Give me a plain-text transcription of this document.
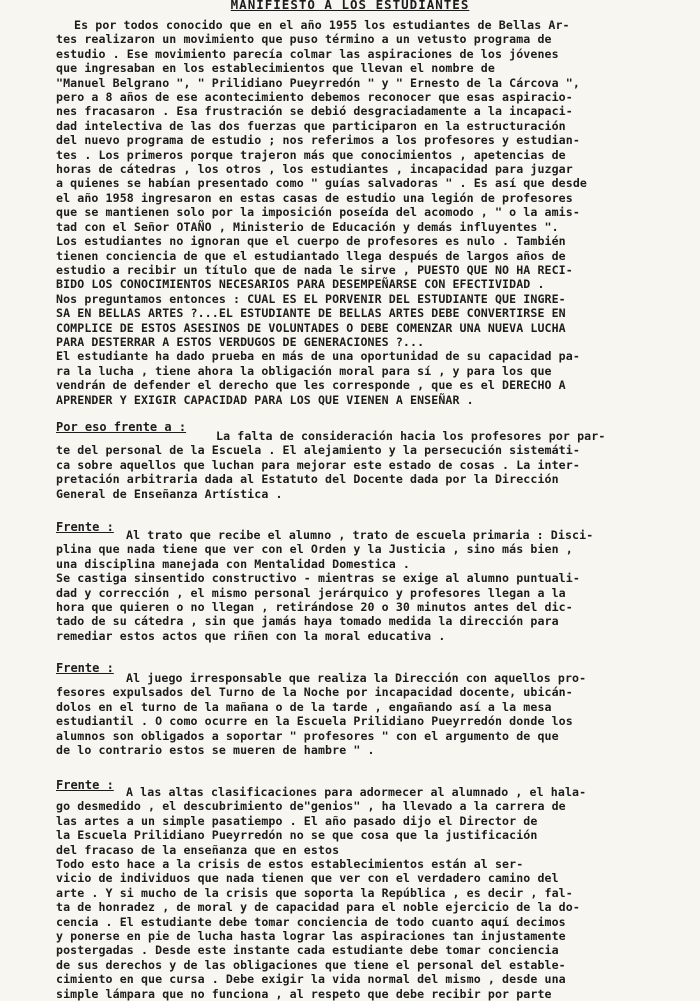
MANIFIESTO A LOS ESTUDIANTES
Es por todos conocido que en el año 1955 los estudiantes de Bellas Ar-
tes realizaron un movimiento que puso término a un vetusto programa de
estudio . Ese movimiento parecía colmar las aspiraciones de los jóvenes
que ingresaban en los establecimientos que llevan el nombre de
"Manuel Belgrano ", " Prilidiano Pueyrredón " y " Ernesto de la Cárcova ",
pero a 8 años de ese acontecimiento debemos reconocer que esas aspiracio-
nes fracasaron . Esa frustración se debió desgraciadamente a la incapaci-
dad intelectiva de las dos fuerzas que participaron en la estructuración
del nuevo programa de estudio ; nos referimos a los profesores y estudian-
tes . Los primeros porque trajeron más que conocimientos , apetencias de
horas de cátedras , los otros , los estudiantes , incapacidad para juzgar
a quienes se habían presentado como " guías salvadoras " . Es así que desde
el año 1958 ingresaron en estas casas de estudio una legión de profesores
que se mantienen solo por la imposición poseída del acomodo , " o la amis-
tad con el Señor OTAÑO , Ministerio de Educación y demás influyentes ".
Los estudiantes no ignoran que el cuerpo de profesores es nulo . También
tienen conciencia de que el estudiantado llega después de largos años de
estudio a recibir un título que de nada le sirve , PUESTO QUE NO HA RECI-
BIDO LOS CONOCIMIENTOS NECESARIOS PARA DESEMPEÑARSE CON EFECTIVIDAD .
Nos preguntamos entonces : CUAL ES EL PORVENIR DEL ESTUDIANTE QUE INGRE-
SA EN BELLAS ARTES ?...EL ESTUDIANTE DE BELLAS ARTES DEBE CONVERTIRSE EN
COMPLICE DE ESTOS ASESINOS DE VOLUNTADES O DEBE COMENZAR UNA NUEVA LUCHA
PARA DESTERRAR A ESTOS VERDUGOS DE GENERACIONES ?...
El estudiante ha dado prueba en más de una oportunidad de su capacidad pa-
ra la lucha , tiene ahora la obligación moral para sí , y para los que
vendrán de defender el derecho que les corresponde , que es el DERECHO A
APRENDER Y EXIGIR CAPACIDAD PARA LOS QUE VIENEN A ENSEÑAR .
Por eso frente a :
La falta de consideración hacia los profesores por par-
te del personal de la Escuela . El alejamiento y la persecución sistemáti-
ca sobre aquellos que luchan para mejorar este estado de cosas . La inter-
pretación arbitraria dada al Estatuto del Docente dada por la Dirección
General de Enseñanza Artística .
Frente :
Al trato que recibe el alumno , trato de escuela primaria : Disci-
plina que nada tiene que ver con el Orden y la Justicia , sino más bien ,
una disciplina manejada con Mentalidad Domestica .
Se castiga sinsentido constructivo - mientras se exige al alumno puntuali-
dad y corrección , el mismo personal jerárquico y profesores llegan a la
hora que quieren o no llegan , retirándose 20 o 30 minutos antes del dic-
tado de su cátedra , sin que jamás haya tomado medida la dirección para
remediar estos actos que riñen con la moral educativa .
Frente :
Al juego irresponsable que realiza la Dirección con aquellos pro-
fesores expulsados del Turno de la Noche por incapacidad docente, ubicán-
dolos en el turno de la mañana o de la tarde , engañando así a la mesa
estudiantil . O como ocurre en la Escuela Prilidiano Pueyrredón donde los
alumnos son obligados a soportar " profesores " con el argumento de que
de lo contrario estos se mueren de hambre " .
Frente :	A las altas clasificaciones para adormecer al alumnado , el hala-
go desmedido , el descubrimiento de"genios" , ha llevado a la carrera de
las artes a un simple pasatiempo . El año pasado dijo el Director de
la Escuela Prilidiano Pueyrredón no se que cosa que la justificación
del fracaso de la enseñanza que en estos
Todo esto hace a la crisis de estos establecimientos están al ser-
vicio de individuos que nada tienen que ver con el verdadero camino del
arte . Y si mucho de la crisis que soporta la República , es decir , fal-
ta de honradez , de moral y de capacidad para el noble ejercicio de la do-
cencia . El estudiante debe tomar conciencia de todo cuanto aquí decimos
y ponerse en pie de lucha hasta lograr las aspiraciones tan injustamente
postergadas . Desde este instante cada estudiante debe tomar conciencia
de sus derechos y de las obligaciones que tiene el personal del estable-
cimiento en que cursa . Debe exigir la vida normal del mismo , desde una
simple lámpara que no funciona , al respeto que debe recibir por parte
